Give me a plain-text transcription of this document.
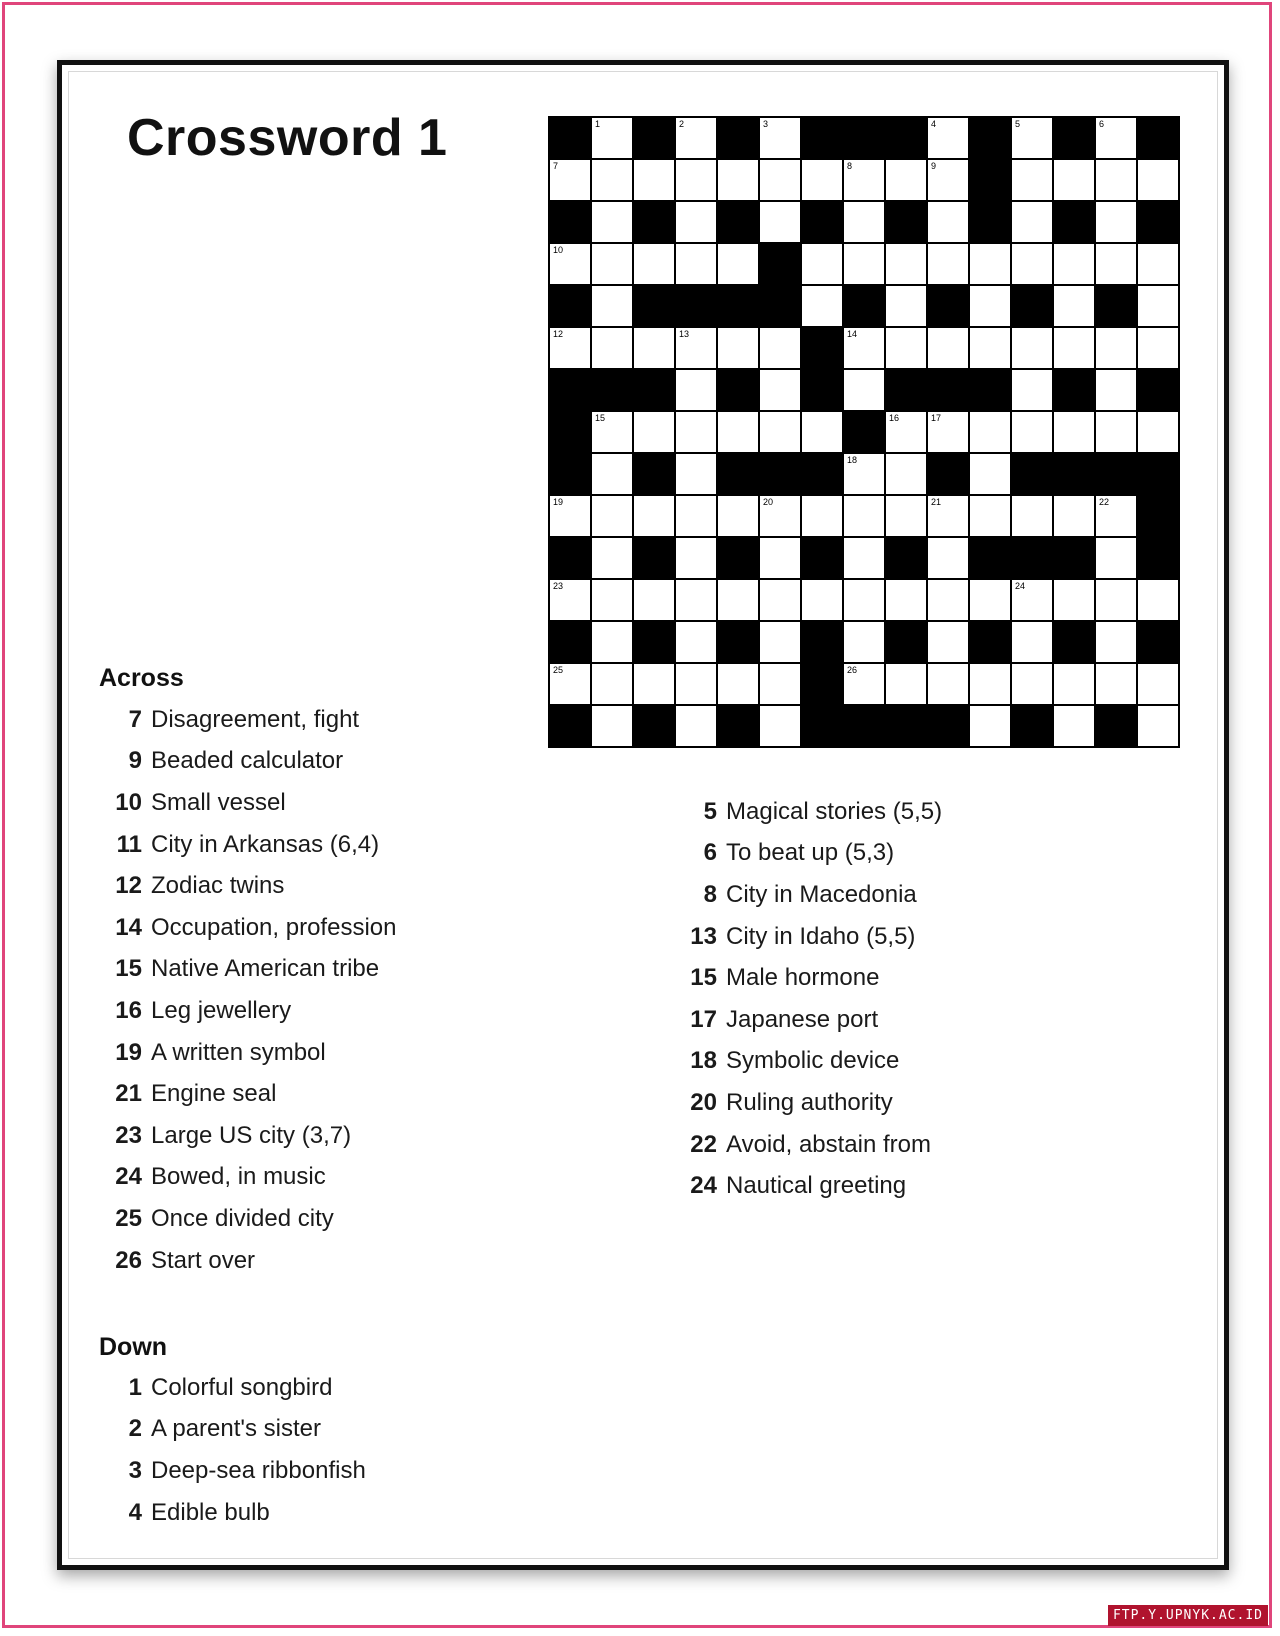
Crossword 1	1	2	3	4	5	6
7	8	9
10
12	13	14
15	16	17
18
19	20	21	22
23	24
25	26
Across
7 Disagreement, fight
9 Beaded calculator
10 Small vessel
11 City in Arkansas (6,4)
12 Zodiac twins
14 Occupation, profession
15 Native American tribe
16 Leg jewellery
19 A written symbol
21 Engine seal
23 Large US city (3,7)
24 Bowed, in music
25 Once divided city
26 Start over
Down
1 Colorful songbird
2 A parent's sister
3 Deep-sea ribbonfish
4 Edible bulb
5 Magical stories (5,5)
6 To beat up (5,3)
8 City in Macedonia
13 City in Idaho (5,5)
15 Male hormone
17 Japanese port
18 Symbolic device
20 Ruling authority
22 Avoid, abstain from
24 Nautical greeting
FTP.Y.UPNYK.AC.ID
